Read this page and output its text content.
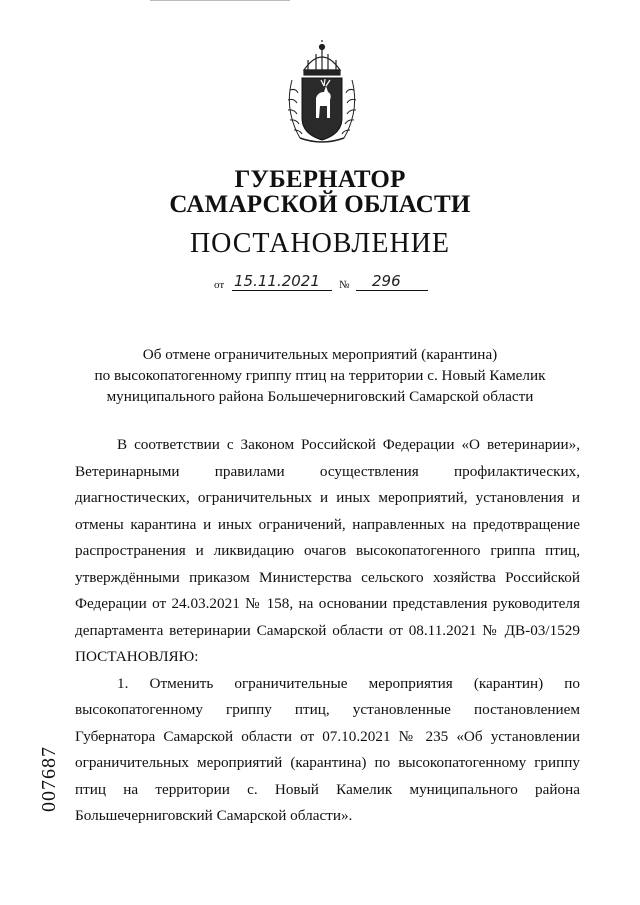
ГУБЕРНАТОР
САМАРСКОЙ ОБЛАСТИ
ПОСТАНОВЛЕНИЕ
от 15.11.2021	№	296
Об отмене ограничительных мероприятий (карантина)
по высокопатогенному гриппу птиц на территории с. Новый Камелик
муниципального района Большечерниговский Самарской области
В соответствии с Законом Российской Федерации «О ветеринарии»,
Ветеринарными правилами осуществления профилактических,
диагностических, ограничительных и иных мероприятий, установления и
отмены карантина и иных ограничений, направленных на предотвращение
распространения и ликвидацию очагов высокопатогенного гриппа птиц,
утверждёнными приказом Министерства сельского хозяйства Российской
Федерации от 24.03.2021 № 158, на основании представления руководителя
департамента ветеринарии Самарской области от 08.11.2021 № ДВ-03/1529
ПОСТАНОВЛЯЮ:
1. Отменить ограничительные мероприятия (карантин) по
высокопатогенному гриппу птиц, установленные постановлением
Губернатора Самарской области от 07.10.2021 № 235 «Об установлении
ограничительных мероприятий (карантина) по высокопатогенному гриппу
птиц на территории с. Новый Камелик муниципального района
Большечерниговский Самарской области».
007687
